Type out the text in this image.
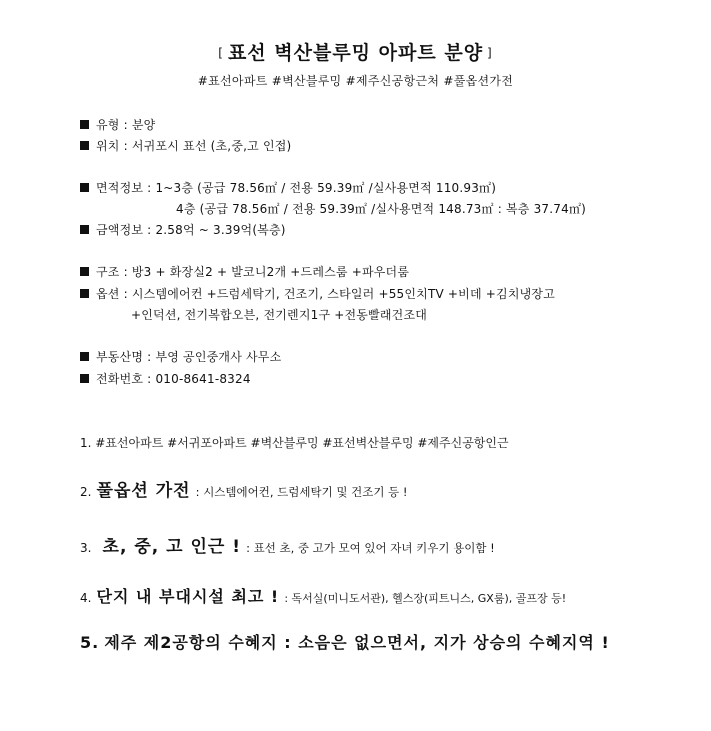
[ 표선 벽산블루밍 아파트 분양 ]
#표선아파트 #벽산블루밍 #제주신공항근처 #풀옵션가전
유형 : 분양
위치 : 서귀포시 표선 (초,중,고 인접)
면적정보 : 1~3층 (공급 78.56㎡ / 전용 59.39㎡ /실사용면적 110.93㎡)
4층 (공급 78.56㎡ / 전용 59.39㎡ /실사용면적 148.73㎡ : 복층 37.74㎡)
금액정보 : 2.58억 ~ 3.39억(복층)
구조 : 방3 + 화장실2 + 발코니2개 +드레스룸 +파우더룸
옵션 : 시스템에어컨 +드럼세탁기, 건조기, 스타일러 +55인치TV +비데 +김치냉장고
+인덕션, 전기복합오븐, 전기렌지1구 +전동빨래건조대
부동산명 : 부영 공인중개사 사무소
전화번호 : 010-8641-8324
1. #표선아파트 #서귀포아파트 #벽산블루밍 #표선벽산블루밍 #제주신공항인근
2. 풀옵션 가전 : 시스템에어컨, 드럼세탁기 및 건조기 등 !
3. 초, 중, 고 인근 ! : 표선 초, 중 고가 모여 있어 자녀 키우기 용이함 !
4. 단지 내 부대시설 최고 ! : 독서실(미니도서관), 헬스장(피트니스, GX룸), 골프장 등!
5. 제주 제2공항의 수혜지 : 소음은 없으면서, 지가 상승의 수혜지역 !
